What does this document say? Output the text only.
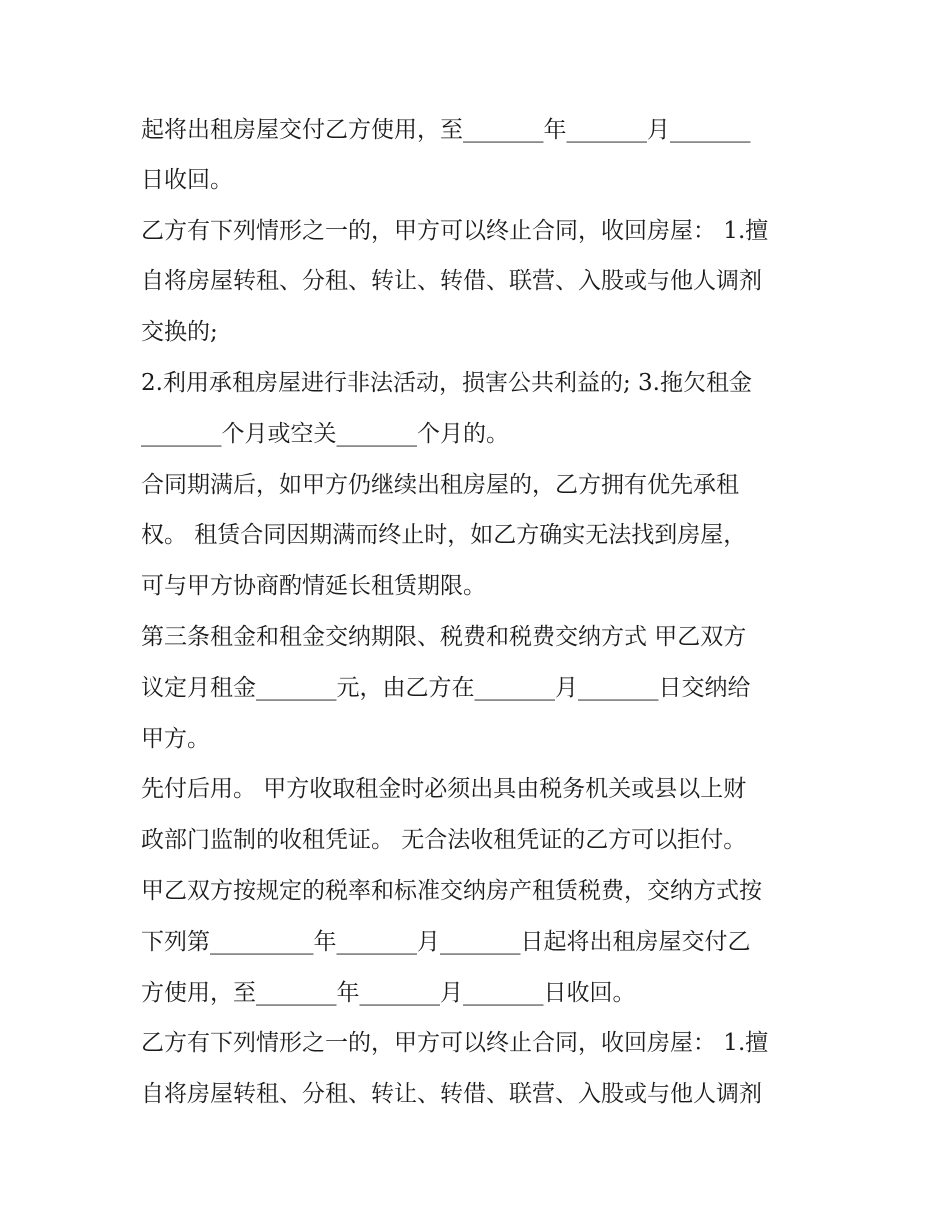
起将出租房屋交付乙方使用，至_______年_______月_______
日收回。
乙方有下列情形之一的，甲方可以终止合同，收回房屋： 1.擅
自将房屋转租、分租、转让、转借、联营、入股或与他人调剂
交换的;
2.利用承租房屋进行非法活动，损害公共利益的; 3.拖欠租金
_______个月或空关_______个月的。
合同期满后，如甲方仍继续出租房屋的，乙方拥有优先承租
权。 租赁合同因期满而终止时，如乙方确实无法找到房屋，
可与甲方协商酌情延长租赁期限。
第三条租金和租金交纳期限、税费和税费交纳方式 甲乙双方
议定月租金_______元，由乙方在_______月_______日交纳给
甲方。
先付后用。 甲方收取租金时必须出具由税务机关或县以上财
政部门监制的收租凭证。 无合法收租凭证的乙方可以拒付。
甲乙双方按规定的税率和标准交纳房产租赁税费，交纳方式按
下列第_________年_______月_______日起将出租房屋交付乙
方使用，至_______年_______月_______日收回。
乙方有下列情形之一的，甲方可以终止合同，收回房屋： 1.擅
自将房屋转租、分租、转让、转借、联营、入股或与他人调剂
